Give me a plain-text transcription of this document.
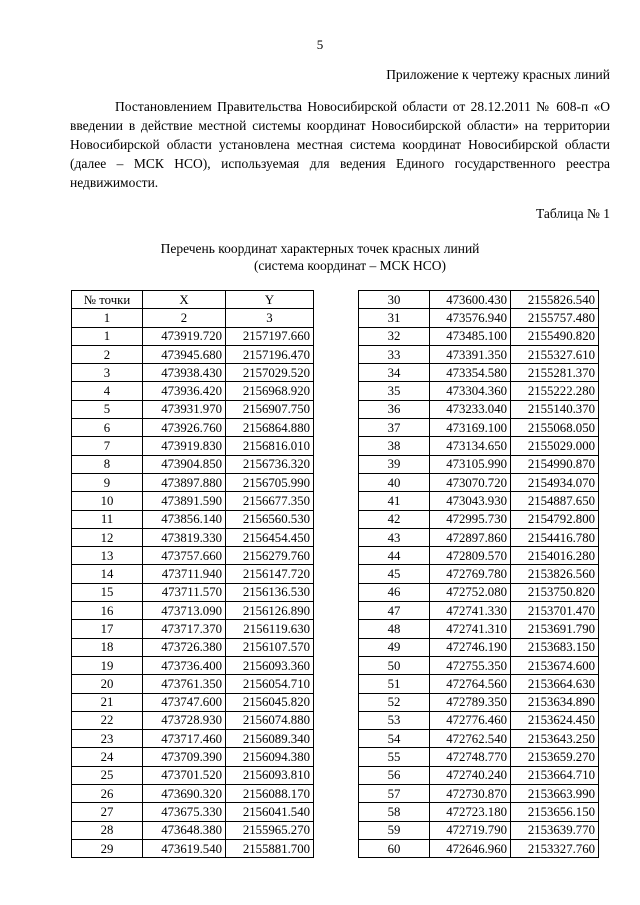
5
Приложение к чертежу красных линий

Постановлением Правительства Новосибирской области от 28.12.2011 № 608-п «О введении в действие местной системы координат Новосибирской области» на территории Новосибирской области установлена местная система координат Новосибирской области (далее – МСК НСО), используемая для ведения Единого государственного реестра недвижимости.

Таблица № 1
Перечень координат характерных точек красных линий
(система координат – МСК НСО)
№ точки	X	Y
1	2	3
1	473919.720	2157197.660
2	473945.680	2157196.470
3	473938.430	2157029.520
4	473936.420	2156968.920
5	473931.970	2156907.750
6	473926.760	2156864.880
7	473919.830	2156816.010
8	473904.850	2156736.320
9	473897.880	2156705.990
10	473891.590	2156677.350
11	473856.140	2156560.530
12	473819.330	2156454.450
13	473757.660	2156279.760
14	473711.940	2156147.720
15	473711.570	2156136.530
16	473713.090	2156126.890
17	473717.370	2156119.630
18	473726.380	2156107.570
19	473736.400	2156093.360
20	473761.350	2156054.710
21	473747.600	2156045.820
22	473728.930	2156074.880
23	473717.460	2156089.340
24	473709.390	2156094.380
25	473701.520	2156093.810
26	473690.320	2156088.170
27	473675.330	2156041.540
28	473648.380	2155965.270
29	473619.540	2155881.700
30	473600.430	2155826.540
31	473576.940	2155757.480
32	473485.100	2155490.820
33	473391.350	2155327.610
34	473354.580	2155281.370
35	473304.360	2155222.280
36	473233.040	2155140.370
37	473169.100	2155068.050
38	473134.650	2155029.000
39	473105.990	2154990.870
40	473070.720	2154934.070
41	473043.930	2154887.650
42	472995.730	2154792.800
43	472897.860	2154416.780
44	472809.570	2154016.280
45	472769.780	2153826.560
46	472752.080	2153750.820
47	472741.330	2153701.470
48	472741.310	2153691.790
49	472746.190	2153683.150
50	472755.350	2153674.600
51	472764.560	2153664.630
52	472789.350	2153634.890
53	472776.460	2153624.450
54	472762.540	2153643.250
55	472748.770	2153659.270
56	472740.240	2153664.710
57	472730.870	2153663.990
58	472723.180	2153656.150
59	472719.790	2153639.770
60	472646.960	2153327.760
